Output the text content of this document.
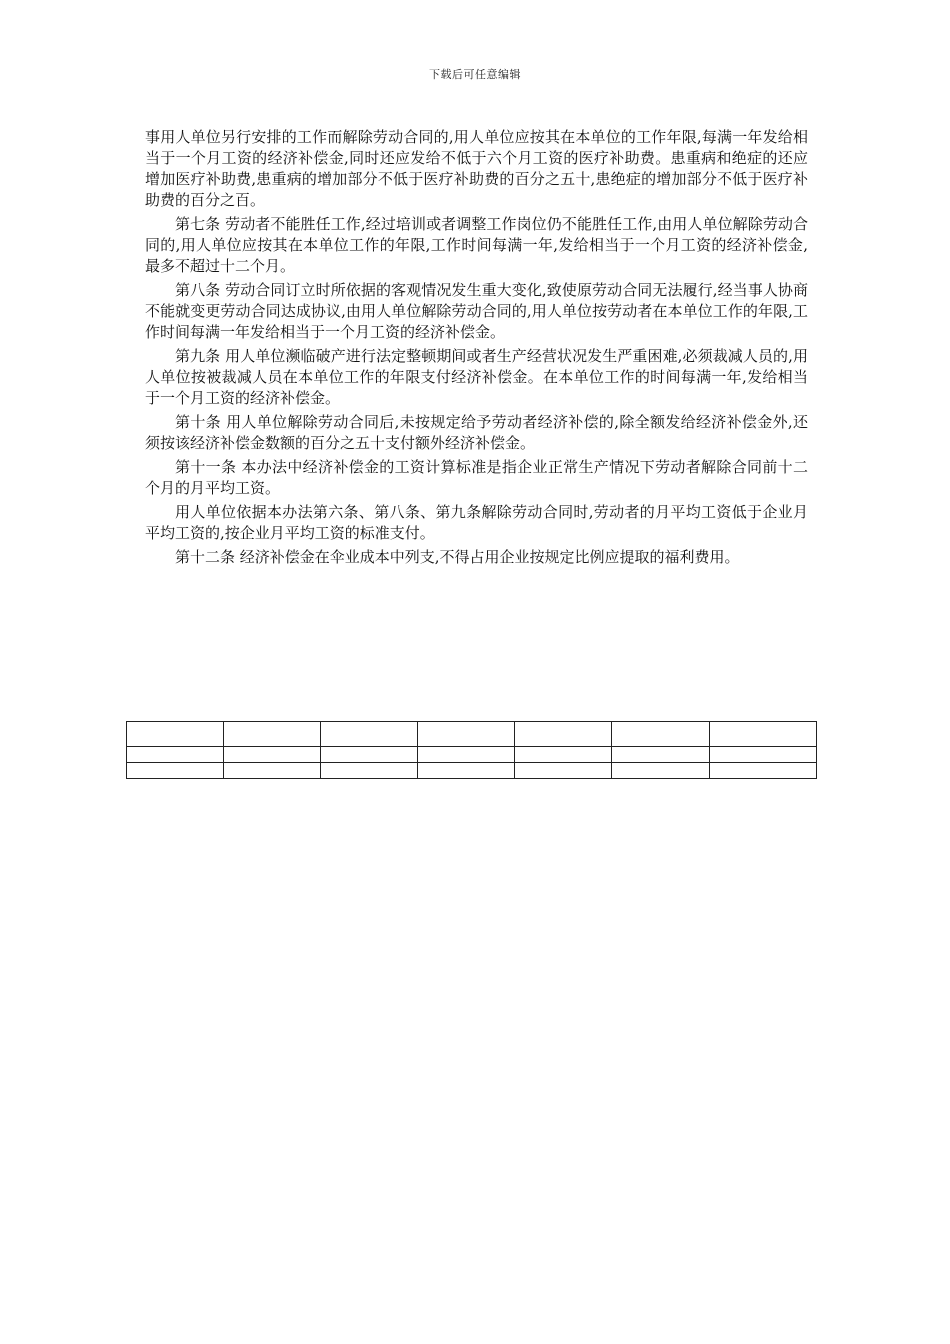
下载后可任意编辑

事用人单位另行安排的工作而解除劳动合同的,用人单位应按其在本单位的工作年限,每满一年发给相当于一个月工资的经济补偿金,同时还应发给不低于六个月工资的医疗补助费。患重病和绝症的还应增加医疗补助费,患重病的增加部分不低于医疗补助费的百分之五十,患绝症的增加部分不低于医疗补助费的百分之百。

第七条 劳动者不能胜任工作,经过培训或者调整工作岗位仍不能胜任工作,由用人单位解除劳动合同的,用人单位应按其在本单位工作的年限,工作时间每满一年,发给相当于一个月工资的经济补偿金,最多不超过十二个月。

第八条 劳动合同订立时所依据的客观情况发生重大变化,致使原劳动合同无法履行,经当事人协商不能就变更劳动合同达成协议,由用人单位解除劳动合同的,用人单位按劳动者在本单位工作的年限,工作时间每满一年发给相当于一个月工资的经济补偿金。

第九条 用人单位濒临破产进行法定整顿期间或者生产经营状况发生严重困难,必须裁减人员的,用人单位按被裁减人员在本单位工作的年限支付经济补偿金。在本单位工作的时间每满一年,发给相当于一个月工资的经济补偿金。

第十条 用人单位解除劳动合同后,未按规定给予劳动者经济补偿的,除全额发给经济补偿金外,还须按该经济补偿金数额的百分之五十支付额外经济补偿金。

第十一条 本办法中经济补偿金的工资计算标准是指企业正常生产情况下劳动者解除合同前十二个月的月平均工资。

用人单位依据本办法第六条、第八条、第九条解除劳动合同时,劳动者的月平均工资低于企业月平均工资的,按企业月平均工资的标准支付。

第十二条 经济补偿金在伞业成本中列支,不得占用企业按规定比例应提取的福利费用。
